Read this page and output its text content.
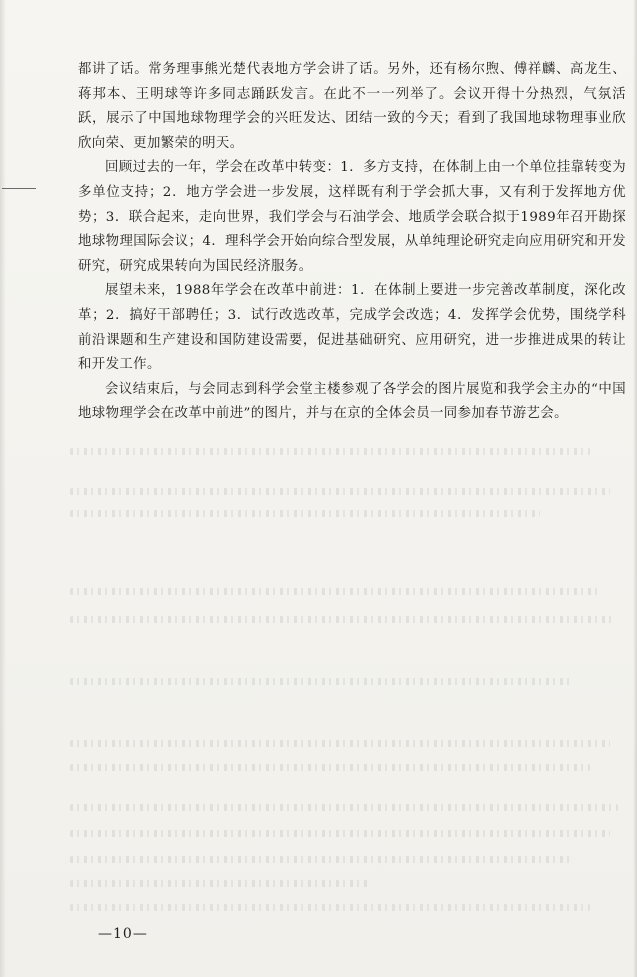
都讲了话。常务理事熊光楚代表地方学会讲了话。另外，还有杨尔煦、傅祥麟、高龙生、蒋邦本、王明球等许多同志踊跃发言。在此不一一列举了。会议开得十分热烈，气氛活跃，展示了中国地球物理学会的兴旺发达、团结一致的今天；看到了我国地球物理事业欣欣向荣、更加繁荣的明天。

回顾过去的一年，学会在改革中转变：1．多方支持，在体制上由一个单位挂靠转变为多单位支持；2．地方学会进一步发展，这样既有利于学会抓大事，又有利于发挥地方优势；3．联合起来，走向世界，我们学会与石油学会、地质学会联合拟于1989年召开勘探地球物理国际会议；4．理科学会开始向综合型发展，从单纯理论研究走向应用研究和开发研究，研究成果转向为国民经济服务。

展望未来，1988年学会在改革中前进：1．在体制上要进一步完善改革制度，深化改革；2．搞好干部聘任；3．试行改选改革，完成学会改选；4．发挥学会优势，围绕学科前沿课题和生产建设和国防建设需要，促进基础研究、应用研究，进一步推进成果的转让和开发工作。

会议结束后，与会同志到科学会堂主楼参观了各学会的图片展览和我学会主办的“中国地球物理学会在改革中前进”的图片，并与在京的全体会员一同参加春节游艺会。

—10—
